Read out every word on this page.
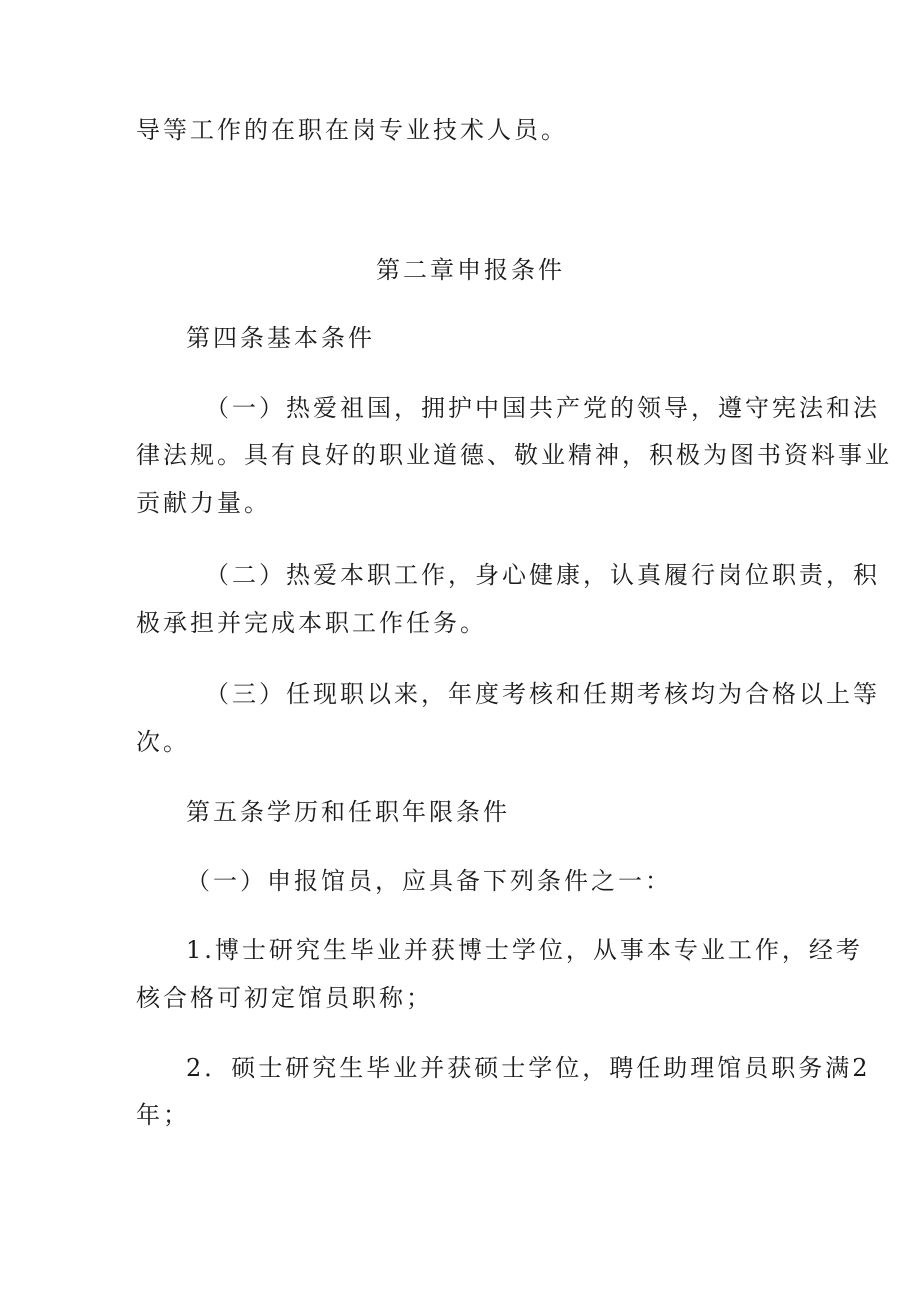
导等工作的在职在岗专业技术人员。
第二章申报条件
第四条基本条件
（一）热爱祖国，拥护中国共产党的领导，遵守宪法和法
律法规。具有良好的职业道德、敬业精神，积极为图书资料事业
贡献力量。
（二）热爱本职工作，身心健康，认真履行岗位职责，积
极承担并完成本职工作任务。
（三）任现职以来，年度考核和任期考核均为合格以上等
次。
第五条学历和任职年限条件
（一）申报馆员，应具备下列条件之一：
1.博士研究生毕业并获博士学位，从事本专业工作，经考
核合格可初定馆员职称；
2．硕士研究生毕业并获硕士学位，聘任助理馆员职务满2
年；
